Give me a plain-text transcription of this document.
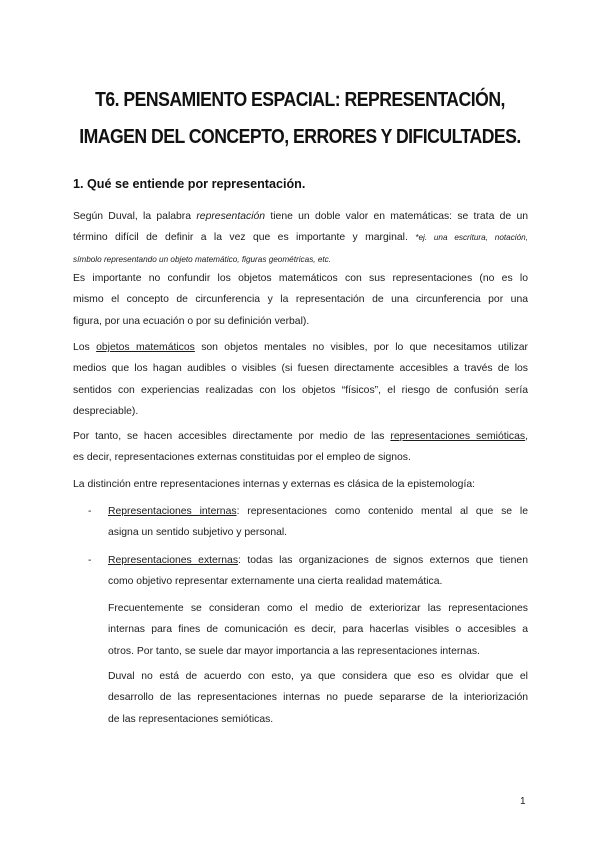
T6. PENSAMIENTO ESPACIAL: REPRESENTACIÓN,
IMAGEN DEL CONCEPTO, ERRORES Y DIFICULTADES.
1. Qué se entiende por representación.
Según Duval, la palabra representación tiene un doble valor en matemáticas: se trata de un
término difícil de definir a la vez que es importante y marginal. *ej. una escritura, notación,
símbolo representando un objeto matemático, figuras geométricas, etc.
Es importante no confundir los objetos matemáticos con sus representaciones (no es lo
mismo el concepto de circunferencia y la representación de una circunferencia por una
figura, por una ecuación o por su definición verbal).
Los objetos matemáticos son objetos mentales no visibles, por lo que necesitamos utilizar
medios que los hagan audibles o visibles (si fuesen directamente accesibles a través de los
sentidos con experiencias realizadas con los objetos “físicos”, el riesgo de confusión sería
despreciable).
Por tanto, se hacen accesibles directamente por medio de las representaciones semióticas,
es decir, representaciones externas constituidas por el empleo de signos.
La distinción entre representaciones internas y externas es clásica de la epistemología:
- Representaciones internas: representaciones como contenido mental al que se le
asigna un sentido subjetivo y personal.
- Representaciones externas: todas las organizaciones de signos externos que tienen
como objetivo representar externamente una cierta realidad matemática.
Frecuentemente se consideran como el medio de exteriorizar las representaciones
internas para fines de comunicación es decir, para hacerlas visibles o accesibles a
otros. Por tanto, se suele dar mayor importancia a las representaciones internas.
Duval no está de acuerdo con esto, ya que considera que eso es olvidar que el
desarrollo de las representaciones internas no puede separarse de la interiorización
de las representaciones semióticas.
1
